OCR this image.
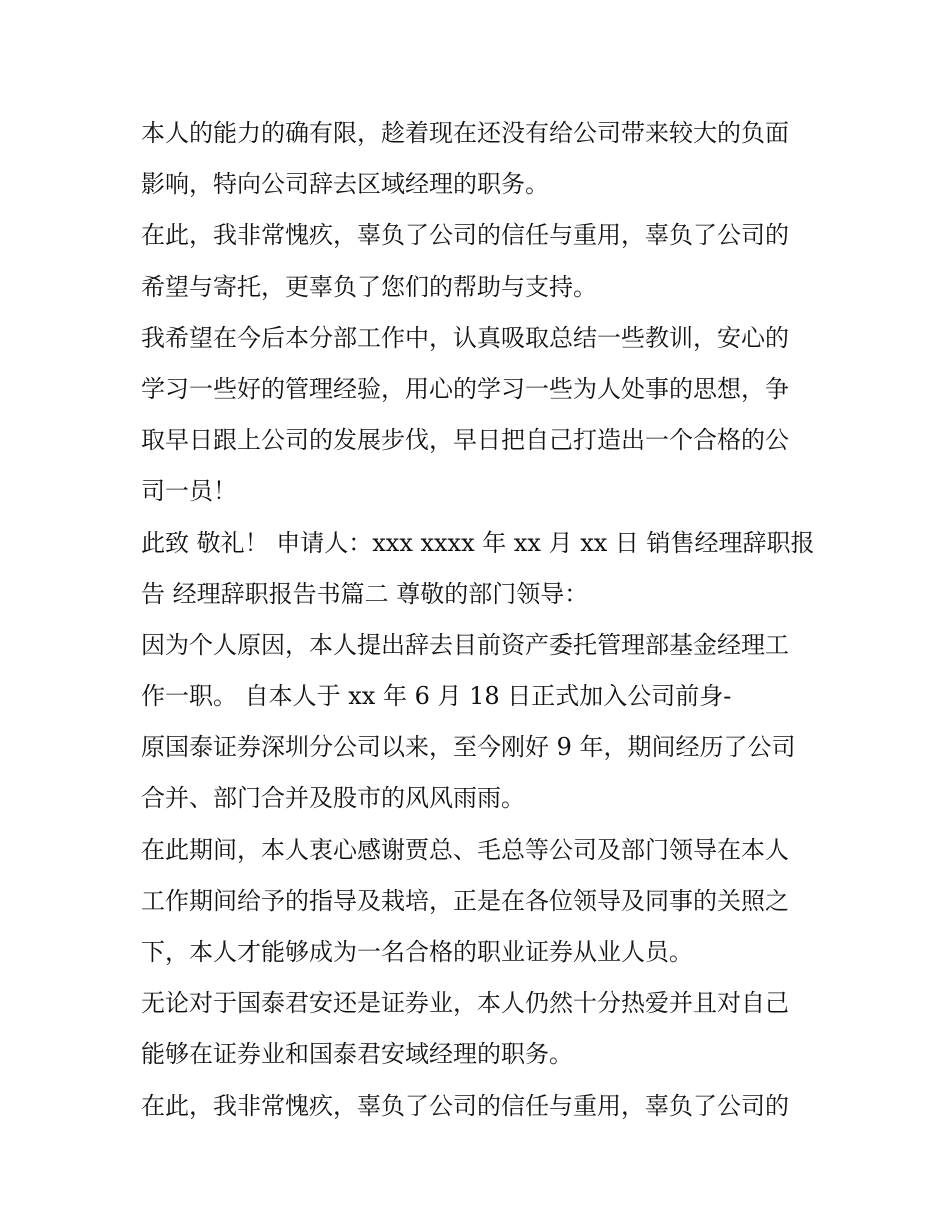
本人的能力的确有限，趁着现在还没有给公司带来较大的负面
影响，特向公司辞去区域经理的职务。
在此，我非常愧疚，辜负了公司的信任与重用，辜负了公司的
希望与寄托，更辜负了您们的帮助与支持。
我希望在今后本分部工作中，认真吸取总结一些教训，安心的
学习一些好的管理经验，用心的学习一些为人处事的思想，争
取早日跟上公司的发展步伐，早日把自己打造出一个合格的公
司一员！
此致 敬礼！ 申请人：xxx xxxx 年 xx 月 xx 日 销售经理辞职报
告 经理辞职报告书篇二 尊敬的部门领导：
因为个人原因，本人提出辞去目前资产委托管理部基金经理工
作一职。 自本人于 xx 年 6 月 18 日正式加入公司前身-
原国泰证券深圳分公司以来，至今刚好 9 年，期间经历了公司
合并、部门合并及股市的风风雨雨。
在此期间，本人衷心感谢贾总、毛总等公司及部门领导在本人
工作期间给予的指导及栽培，正是在各位领导及同事的关照之
下，本人才能够成为一名合格的职业证券从业人员。
无论对于国泰君安还是证券业，本人仍然十分热爱并且对自己
能够在证券业和国泰君安域经理的职务。
在此，我非常愧疚，辜负了公司的信任与重用，辜负了公司的
